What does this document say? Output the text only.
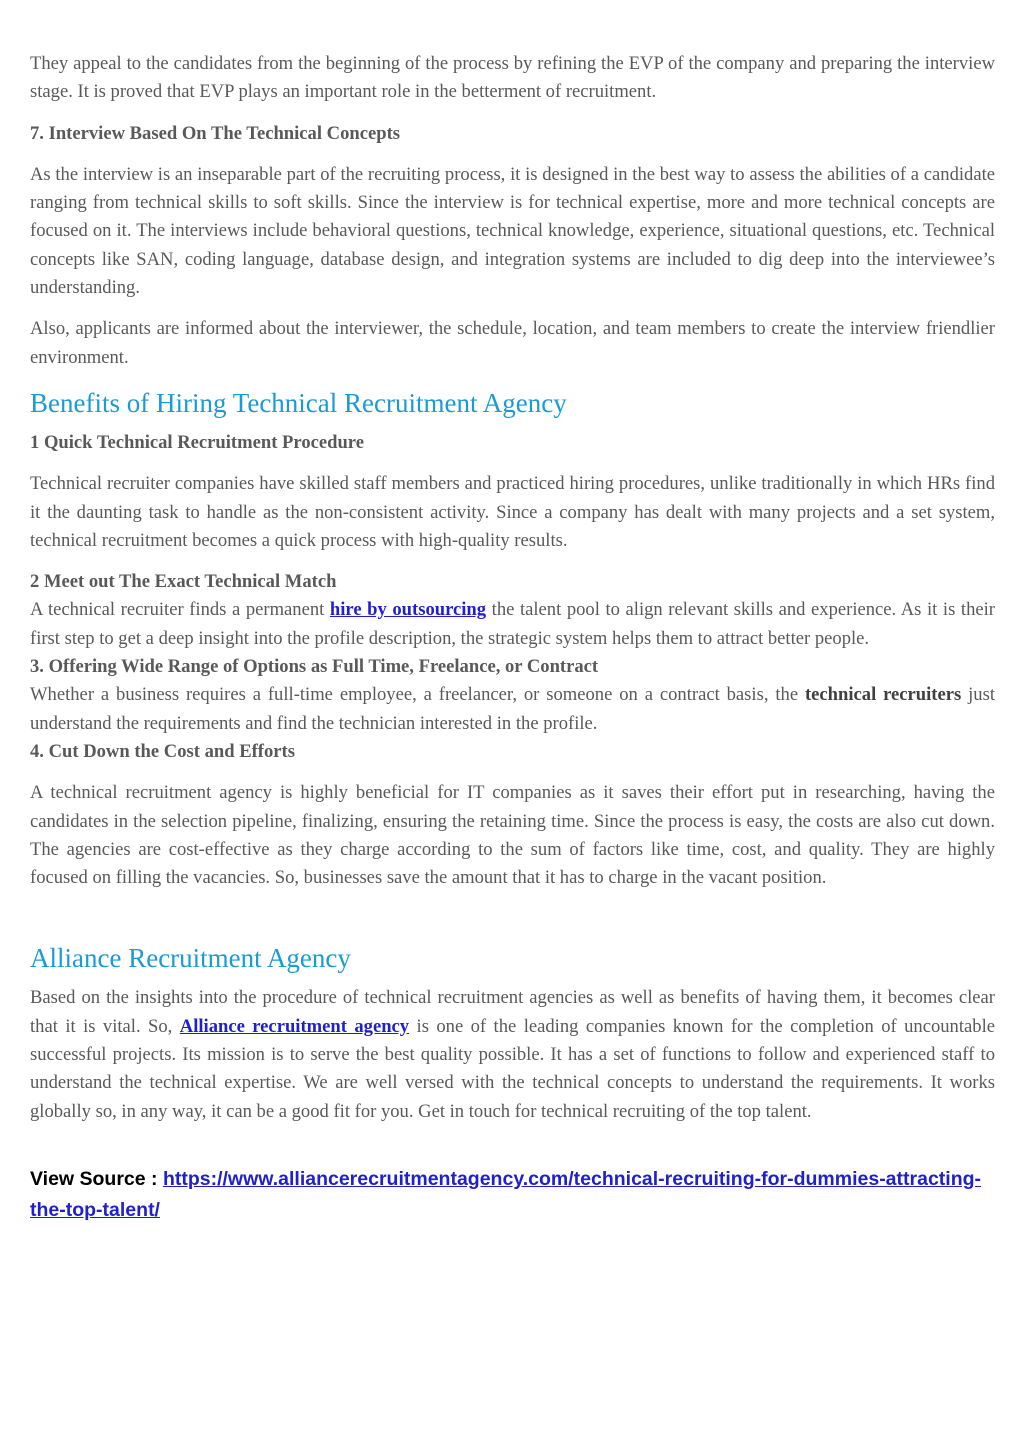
They appeal to the candidates from the beginning of the process by refining the EVP of the company and preparing the interview stage. It is proved that EVP plays an important role in the betterment of recruitment.

7. Interview Based On The Technical Concepts

As the interview is an inseparable part of the recruiting process, it is designed in the best way to assess the abilities of a candidate ranging from technical skills to soft skills. Since the interview is for technical expertise, more and more technical concepts are focused on it. The interviews include behavioral questions, technical knowledge, experience, situational questions, etc. Technical concepts like SAN, coding language, database design, and integration systems are included to dig deep into the interviewee’s understanding.

Also, applicants are informed about the interviewer, the schedule, location, and team members to create the interview friendlier environment.

Benefits of Hiring Technical Recruitment Agency
1 Quick Technical Recruitment Procedure

Technical recruiter companies have skilled staff members and practiced hiring procedures, unlike traditionally in which HRs find it the daunting task to handle as the non-consistent activity. Since a company has dealt with many projects and a set system, technical recruitment becomes a quick process with high-quality results.

2 Meet out The Exact Technical Match

A technical recruiter finds a permanent hire by outsourcing the talent pool to align relevant skills and experience. As it is their first step to get a deep insight into the profile description, the strategic system helps them to attract better people.

3. Offering Wide Range of Options as Full Time, Freelance, or Contract

Whether a business requires a full-time employee, a freelancer, or someone on a contract basis, the technical recruiters just understand the requirements and find the technician interested in the profile.

4. Cut Down the Cost and Efforts

A technical recruitment agency is highly beneficial for IT companies as it saves their effort put in researching, having the candidates in the selection pipeline, finalizing, ensuring the retaining time. Since the process is easy, the costs are also cut down. The agencies are cost-effective as they charge according to the sum of factors like time, cost, and quality. They are highly focused on filling the vacancies. So, businesses save the amount that it has to charge in the vacant position.

Alliance Recruitment Agency

Based on the insights into the procedure of technical recruitment agencies as well as benefits of having them, it becomes clear that it is vital. So, Alliance recruitment agency is one of the leading companies known for the completion of uncountable successful projects. Its mission is to serve the best quality possible. It has a set of functions to follow and experienced staff to understand the technical expertise. We are well versed with the technical concepts to understand the requirements. It works globally so, in any way, it can be a good fit for you. Get in touch for technical recruiting of the top talent.

View Source : https://www.alliancerecruitmentagency.com/technical-recruiting-for-dummies-attracting-the-top-talent/
